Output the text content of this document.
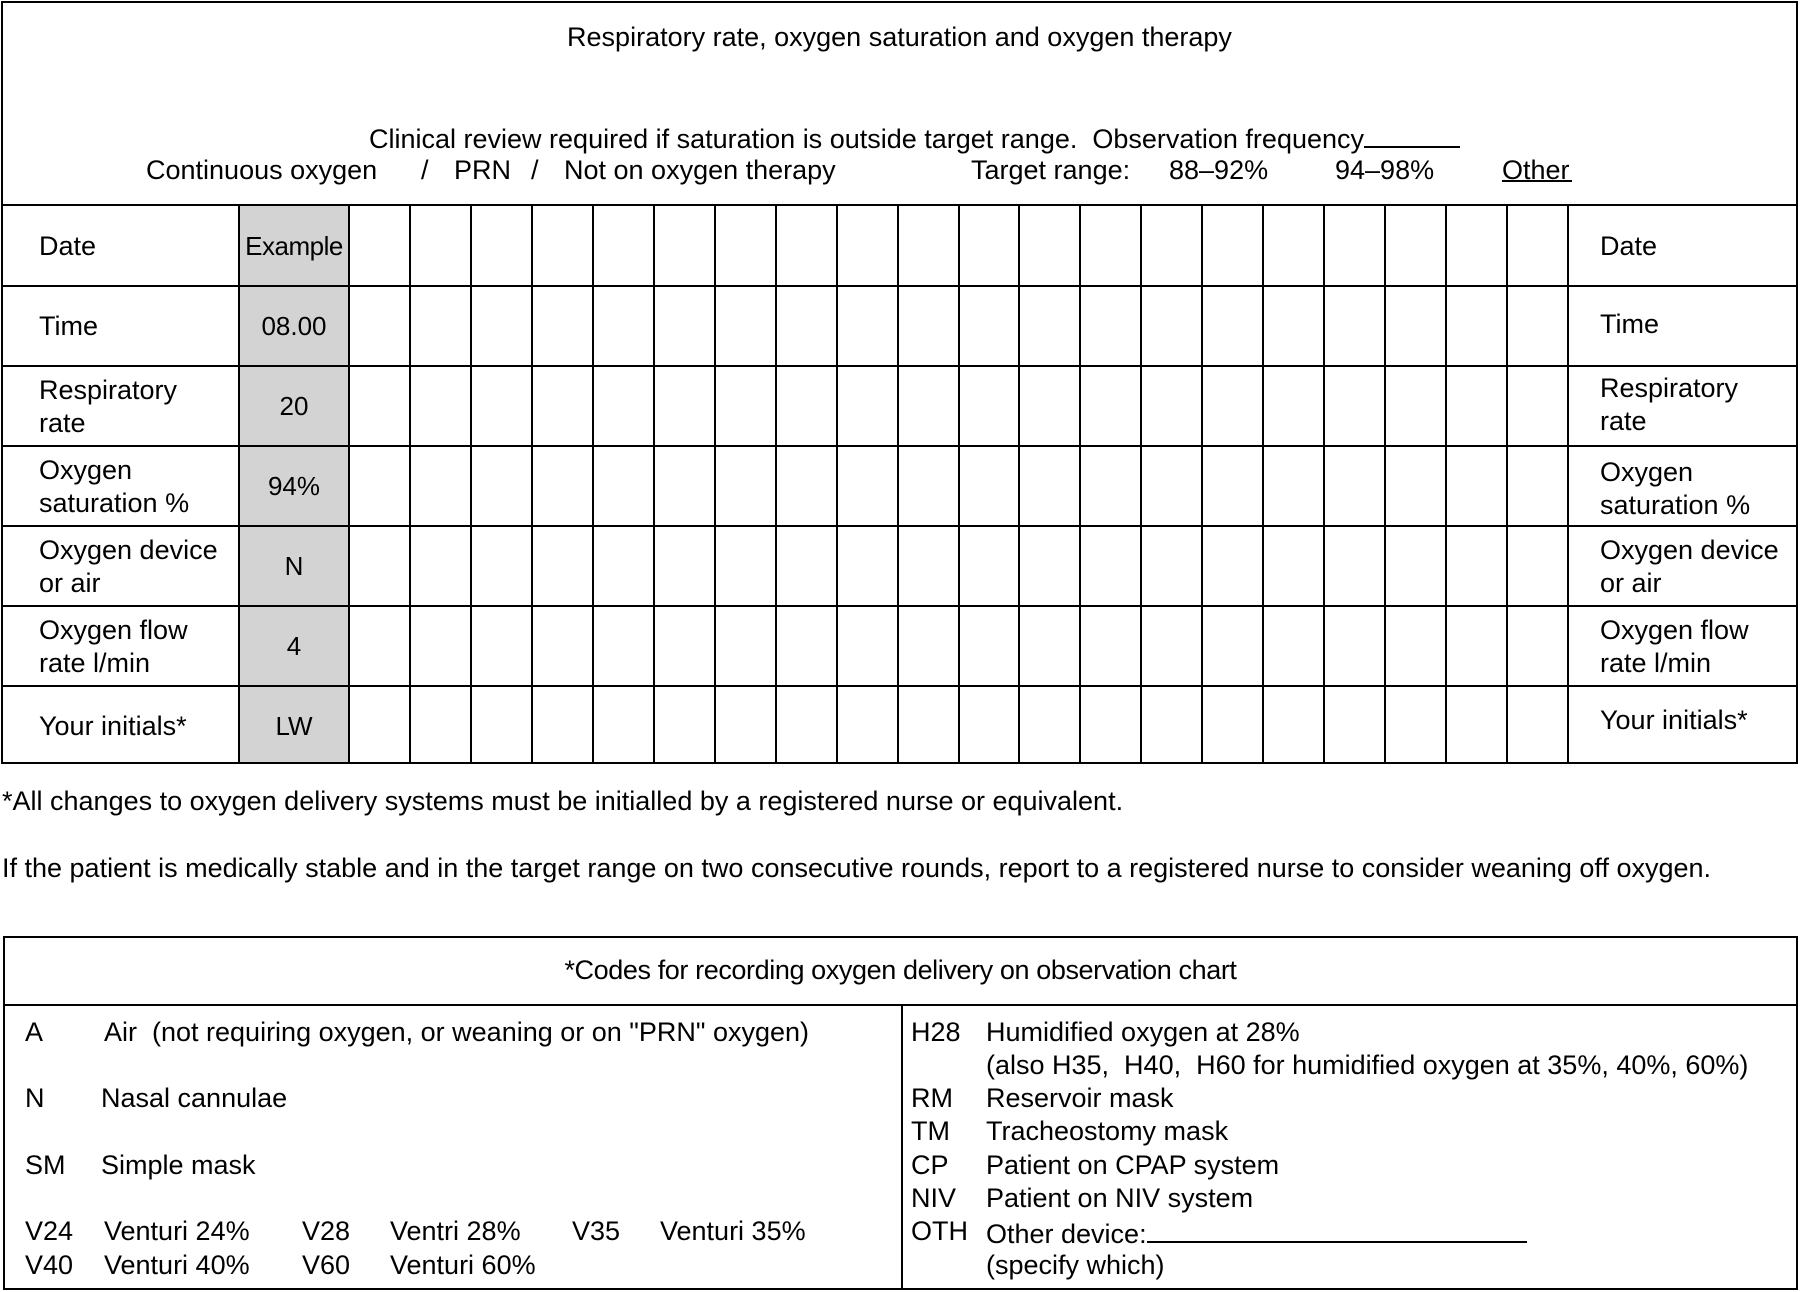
Respiratory rate, oxygen saturation and oxygen therapy

Clinical review required if saturation is outside target range.  Observation frequency

Continuous oxygen

/

PRN

/

Not on oxygen therapy

	Target range:

88–92%

94–98%

	Other

Date
Time
Respiratory rate
Oxygen saturation %
Oxygen device or air
Oxygen flow rate l/min
Your initials*
Example
08.00
20
94%
N
4
LW
Date
Time
Respiratory rate
Oxygen saturation %
Oxygen device or air
Oxygen flow rate l/min
Your initials*
*All changes to oxygen delivery systems must be initialled by a registered nurse or equivalent.
If the patient is medically stable and in the target range on two consecutive rounds, report to a registered nurse to consider weaning off oxygen.
*Codes for recording oxygen delivery on observation chart
A Air  (not requiring oxygen, or weaning or on "PRN" oxygen)
N Nasal cannulae
SM Simple mask
V24 Venturi 24% V28 Ventri 28% V35 Venturi 35%
V40 Venturi 40% V60 Venturi 60%
H28 Humidified oxygen at 28%
(also H35,  H40,  H60 for humidified oxygen at 35%, 40%, 60%)
RM Reservoir mask
TM Tracheostomy mask
CP Patient on CPAP system
NIV Patient on NIV system
OTH Other device:
(specify which)
